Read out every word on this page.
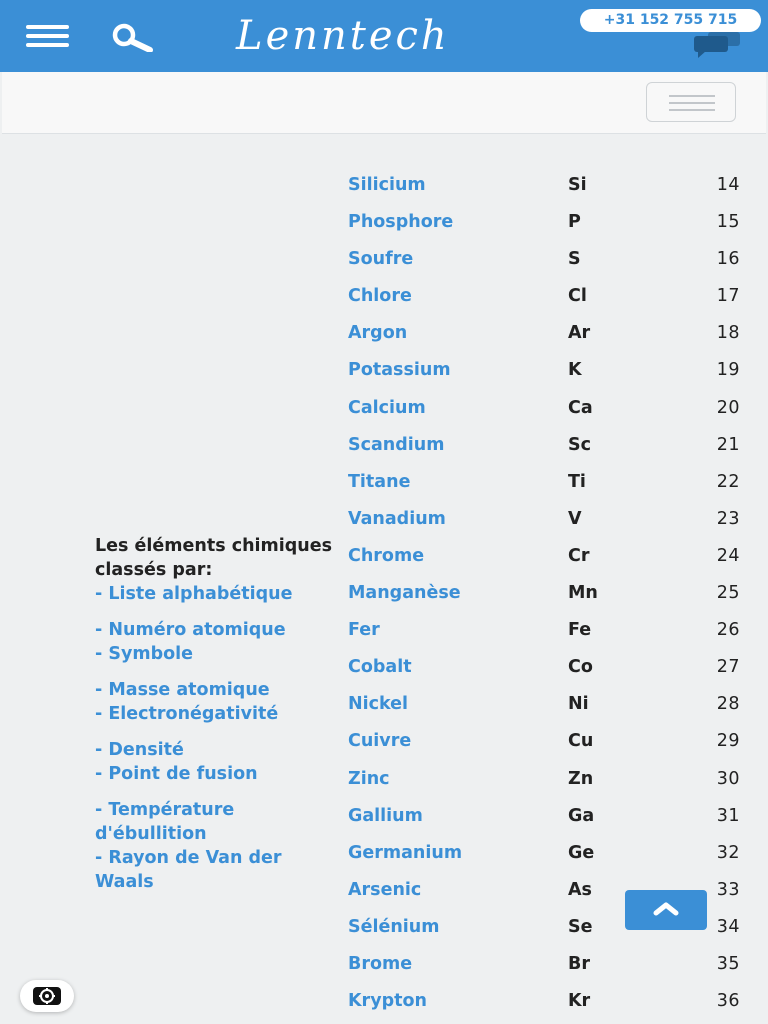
Lenntech	+31 152 755 715
Les éléments chimiques classés par:
- Liste alphabétique
- Numéro atomique
- Symbole
- Masse atomique
- Electronégativité
- Densité
- Point de fusion
- Température d'ébullition
- Rayon de Van der Waals
Silicium	Si	14
Phosphore	P	15
Soufre	S	16
Chlore	Cl	17
Argon	Ar	18
Potassium	K	19
Calcium	Ca	20
Scandium	Sc	21
Titane	Ti	22
Vanadium	V	23
Chrome	Cr	24
Manganèse	Mn	25
Fer	Fe	26
Cobalt	Co	27
Nickel	Ni	28
Cuivre	Cu	29
Zinc	Zn	30
Gallium	Ga	31
Germanium	Ge	32
Arsenic	As	33
Sélénium	Se	34
Brome	Br	35
Krypton	Kr	36
